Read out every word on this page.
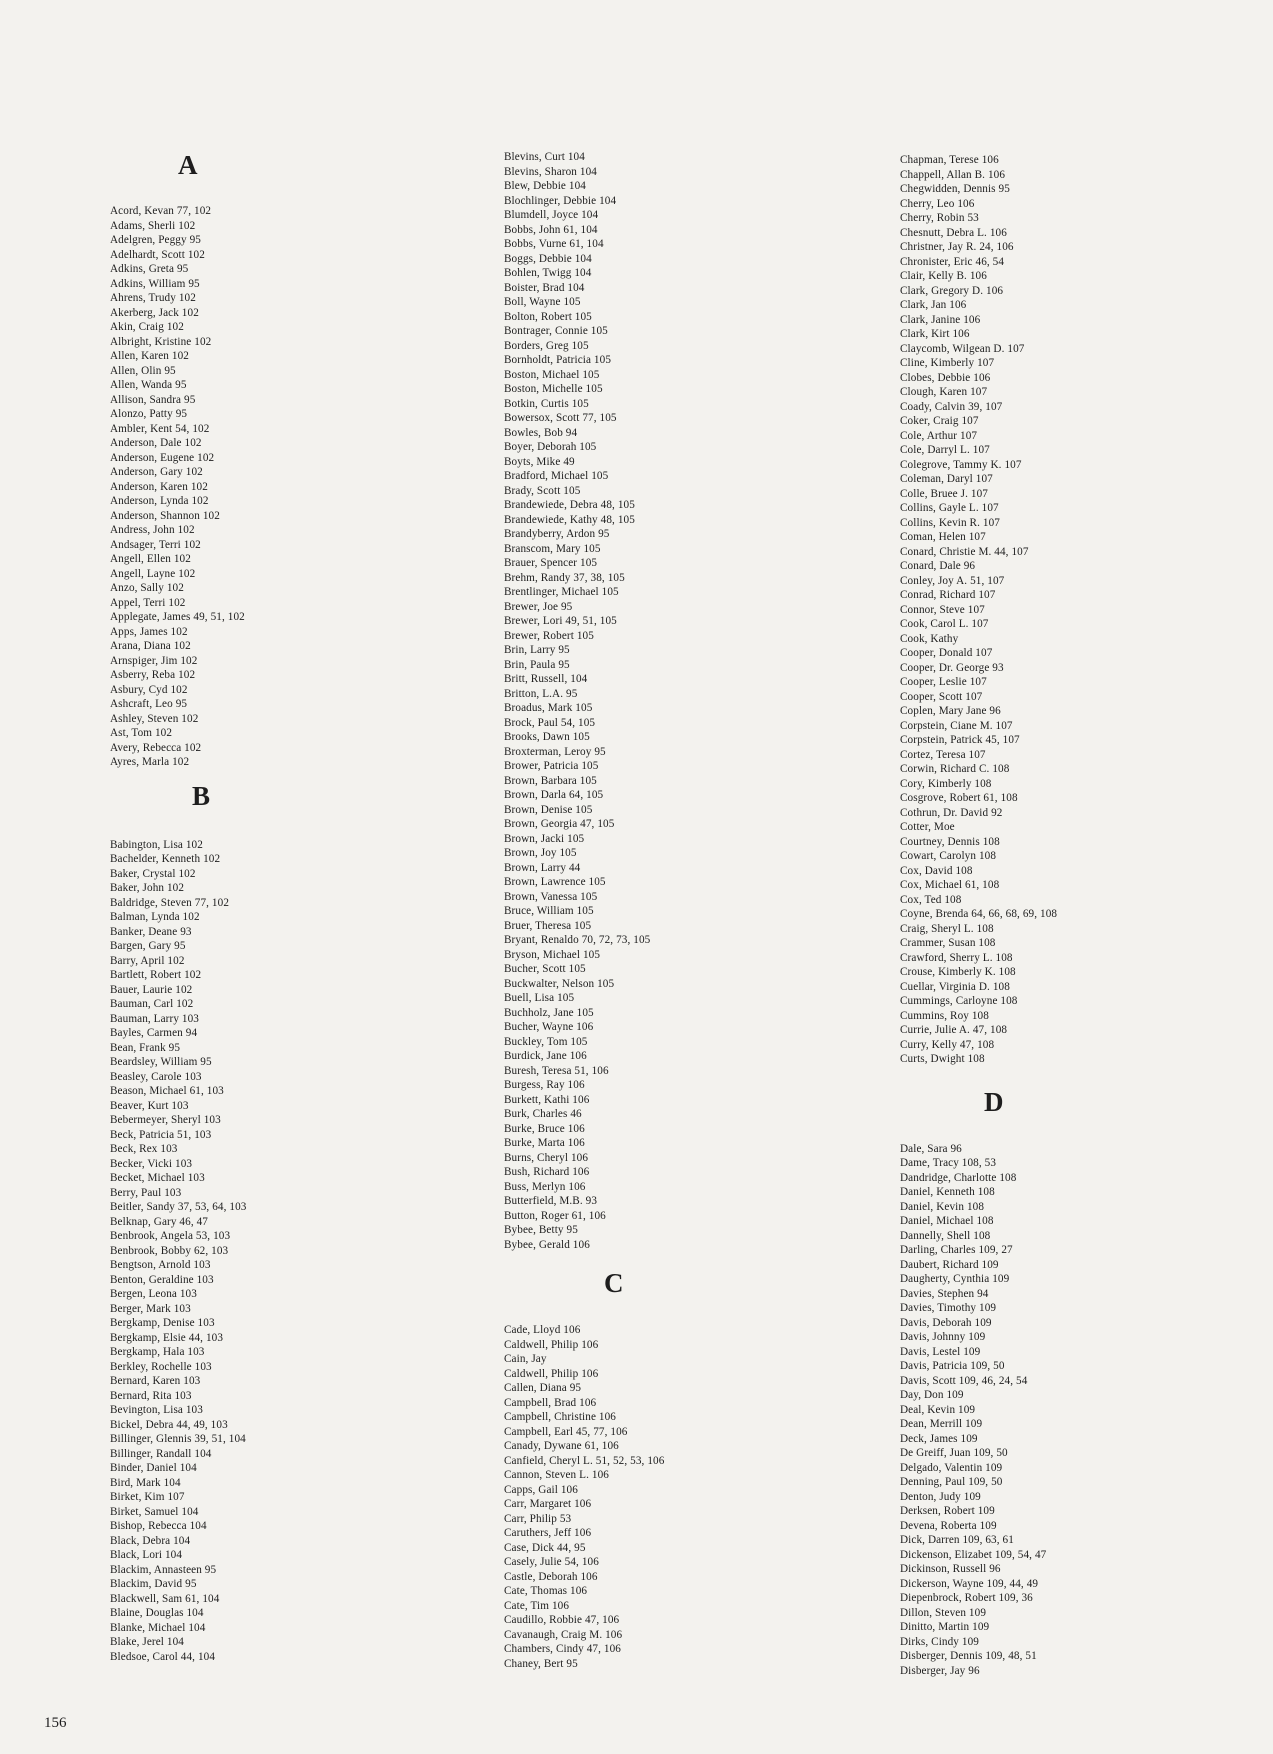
A
Acord, Kevan 77, 102
Adams, Sherli 102
Adelgren, Peggy 95
Adelhardt, Scott 102
Adkins, Greta 95
Adkins, William 95
Ahrens, Trudy 102
Akerberg, Jack 102
Akin, Craig 102
Albright, Kristine 102
Allen, Karen 102
Allen, Olin 95
Allen, Wanda 95
Allison, Sandra 95
Alonzo, Patty 95
Ambler, Kent 54, 102
Anderson, Dale 102
Anderson, Eugene 102
Anderson, Gary 102
Anderson, Karen 102
Anderson, Lynda 102
Anderson, Shannon 102
Andress, John 102
Andsager, Terri 102
Angell, Ellen 102
Angell, Layne 102
Anzo, Sally 102
Appel, Terri 102
Applegate, James 49, 51, 102
Apps, James 102
Arana, Diana 102
Arnspiger, Jim 102
Asberry, Reba 102
Asbury, Cyd 102
Ashcraft, Leo 95
Ashley, Steven 102
Ast, Tom 102
Avery, Rebecca 102
Ayres, Marla 102
B
Babington, Lisa 102
Bachelder, Kenneth 102
Baker, Crystal 102
Baker, John 102
Baldridge, Steven 77, 102
Balman, Lynda 102
Banker, Deane 93
Bargen, Gary 95
Barry, April 102
Bartlett, Robert 102
Bauer, Laurie 102
Bauman, Carl 102
Bauman, Larry 103
Bayles, Carmen 94
Bean, Frank 95
Beardsley, William 95
Beasley, Carole 103
Beason, Michael 61, 103
Beaver, Kurt 103
Bebermeyer, Sheryl 103
Beck, Patricia 51, 103
Beck, Rex 103
Becker, Vicki 103
Becket, Michael 103
Berry, Paul 103
Beitler, Sandy 37, 53, 64, 103
Belknap, Gary 46, 47
Benbrook, Angela 53, 103
Benbrook, Bobby 62, 103
Bengtson, Arnold 103
Benton, Geraldine 103
Bergen, Leona 103
Berger, Mark 103
Bergkamp, Denise 103
Bergkamp, Elsie 44, 103
Bergkamp, Hala 103
Berkley, Rochelle 103
Bernard, Karen 103
Bernard, Rita 103
Bevington, Lisa 103
Bickel, Debra 44, 49, 103
Billinger, Glennis 39, 51, 104
Billinger, Randall 104
Binder, Daniel 104
Bird, Mark 104
Birket, Kim 107
Birket, Samuel 104
Bishop, Rebecca 104
Black, Debra 104
Black, Lori 104
Blackim, Annasteen 95
Blackim, David 95
Blackwell, Sam 61, 104
Blaine, Douglas 104
Blanke, Michael 104
Blake, Jerel 104
Bledsoe, Carol 44, 104
Blevins, Curt 104
Blevins, Sharon 104
Blew, Debbie 104
Blochlinger, Debbie 104
Blumdell, Joyce 104
Bobbs, John 61, 104
Bobbs, Vurne 61, 104
Boggs, Debbie 104
Bohlen, Twigg 104
Boister, Brad 104
Boll, Wayne 105
Bolton, Robert 105
Bontrager, Connie 105
Borders, Greg 105
Bornholdt, Patricia 105
Boston, Michael 105
Boston, Michelle 105
Botkin, Curtis 105
Bowersox, Scott 77, 105
Bowles, Bob 94
Boyer, Deborah 105
Boyts, Mike 49
Bradford, Michael 105
Brady, Scott 105
Brandewiede, Debra 48, 105
Brandewiede, Kathy 48, 105
Brandyberry, Ardon 95
Branscom, Mary 105
Brauer, Spencer 105
Brehm, Randy 37, 38, 105
Brentlinger, Michael 105
Brewer, Joe 95
Brewer, Lori 49, 51, 105
Brewer, Robert 105
Brin, Larry 95
Brin, Paula 95
Britt, Russell, 104
Britton, L.A. 95
Broadus, Mark 105
Brock, Paul 54, 105
Brooks, Dawn 105
Broxterman, Leroy 95
Brower, Patricia 105
Brown, Barbara 105
Brown, Darla 64, 105
Brown, Denise 105
Brown, Georgia 47, 105
Brown, Jacki 105
Brown, Joy 105
Brown, Larry 44
Brown, Lawrence 105
Brown, Vanessa 105
Bruce, William 105
Bruer, Theresa 105
Bryant, Renaldo 70, 72, 73, 105
Bryson, Michael 105
Bucher, Scott 105
Buckwalter, Nelson 105
Buell, Lisa 105
Buchholz, Jane 105
Bucher, Wayne 106
Buckley, Tom 105
Burdick, Jane 106
Buresh, Teresa 51, 106
Burgess, Ray 106
Burkett, Kathi 106
Burk, Charles 46
Burke, Bruce 106
Burke, Marta 106
Burns, Cheryl 106
Bush, Richard 106
Buss, Merlyn 106
Butterfield, M.B. 93
Button, Roger 61, 106
Bybee, Betty 95
Bybee, Gerald 106
C
Cade, Lloyd 106
Caldwell, Philip 106
Cain, Jay
Caldwell, Philip 106
Callen, Diana 95
Campbell, Brad 106
Campbell, Christine 106
Campbell, Earl 45, 77, 106
Canady, Dywane 61, 106
Canfield, Cheryl L. 51, 52, 53, 106
Cannon, Steven L. 106
Capps, Gail 106
Carr, Margaret 106
Carr, Philip 53
Caruthers, Jeff 106
Case, Dick 44, 95
Casely, Julie 54, 106
Castle, Deborah 106
Cate, Thomas 106
Cate, Tim 106
Caudillo, Robbie 47, 106
Cavanaugh, Craig M. 106
Chambers, Cindy 47, 106
Chaney, Bert 95
Chapman, Terese 106
Chappell, Allan B. 106
Chegwidden, Dennis 95
Cherry, Leo 106
Cherry, Robin 53
Chesnutt, Debra L. 106
Christner, Jay R. 24, 106
Chronister, Eric 46, 54
Clair, Kelly B. 106
Clark, Gregory D. 106
Clark, Jan 106
Clark, Janine 106
Clark, Kirt 106
Claycomb, Wilgean D. 107
Cline, Kimberly 107
Clobes, Debbie 106
Clough, Karen 107
Coady, Calvin 39, 107
Coker, Craig 107
Cole, Arthur 107
Cole, Darryl L. 107
Colegrove, Tammy K. 107
Coleman, Daryl 107
Colle, Bruee J. 107
Collins, Gayle L. 107
Collins, Kevin R. 107
Coman, Helen 107
Conard, Christie M. 44, 107
Conard, Dale 96
Conley, Joy A. 51, 107
Conrad, Richard 107
Connor, Steve 107
Cook, Carol L. 107
Cook, Kathy
Cooper, Donald 107
Cooper, Dr. George 93
Cooper, Leslie 107
Cooper, Scott 107
Coplen, Mary Jane 96
Corpstein, Ciane M. 107
Corpstein, Patrick 45, 107
Cortez, Teresa 107
Corwin, Richard C. 108
Cory, Kimberly 108
Cosgrove, Robert 61, 108
Cothrun, Dr. David 92
Cotter, Moe
Courtney, Dennis 108
Cowart, Carolyn 108
Cox, David 108
Cox, Michael 61, 108
Cox, Ted 108
Coyne, Brenda 64, 66, 68, 69, 108
Craig, Sheryl L. 108
Crammer, Susan 108
Crawford, Sherry L. 108
Crouse, Kimberly K. 108
Cuellar, Virginia D. 108
Cummings, Carloyne 108
Cummins, Roy 108
Currie, Julie A. 47, 108
Curry, Kelly 47, 108
Curts, Dwight 108
D
Dale, Sara 96
Dame, Tracy 108, 53
Dandridge, Charlotte 108
Daniel, Kenneth 108
Daniel, Kevin 108
Daniel, Michael 108
Dannelly, Shell 108
Darling, Charles 109, 27
Daubert, Richard 109
Daugherty, Cynthia 109
Davies, Stephen 94
Davies, Timothy 109
Davis, Deborah 109
Davis, Johnny 109
Davis, Lestel 109
Davis, Patricia 109, 50
Davis, Scott 109, 46, 24, 54
Day, Don 109
Deal, Kevin 109
Dean, Merrill 109
Deck, James 109
De Greiff, Juan 109, 50
Delgado, Valentin 109
Denning, Paul 109, 50
Denton, Judy 109
Derksen, Robert 109
Devena, Roberta 109
Dick, Darren 109, 63, 61
Dickenson, Elizabet 109, 54, 47
Dickinson, Russell 96
Dickerson, Wayne 109, 44, 49
Diepenbrock, Robert 109, 36
Dillon, Steven 109
Dinitto, Martin 109
Dirks, Cindy 109
Disberger, Dennis 109, 48, 51
Disberger, Jay 96
156
